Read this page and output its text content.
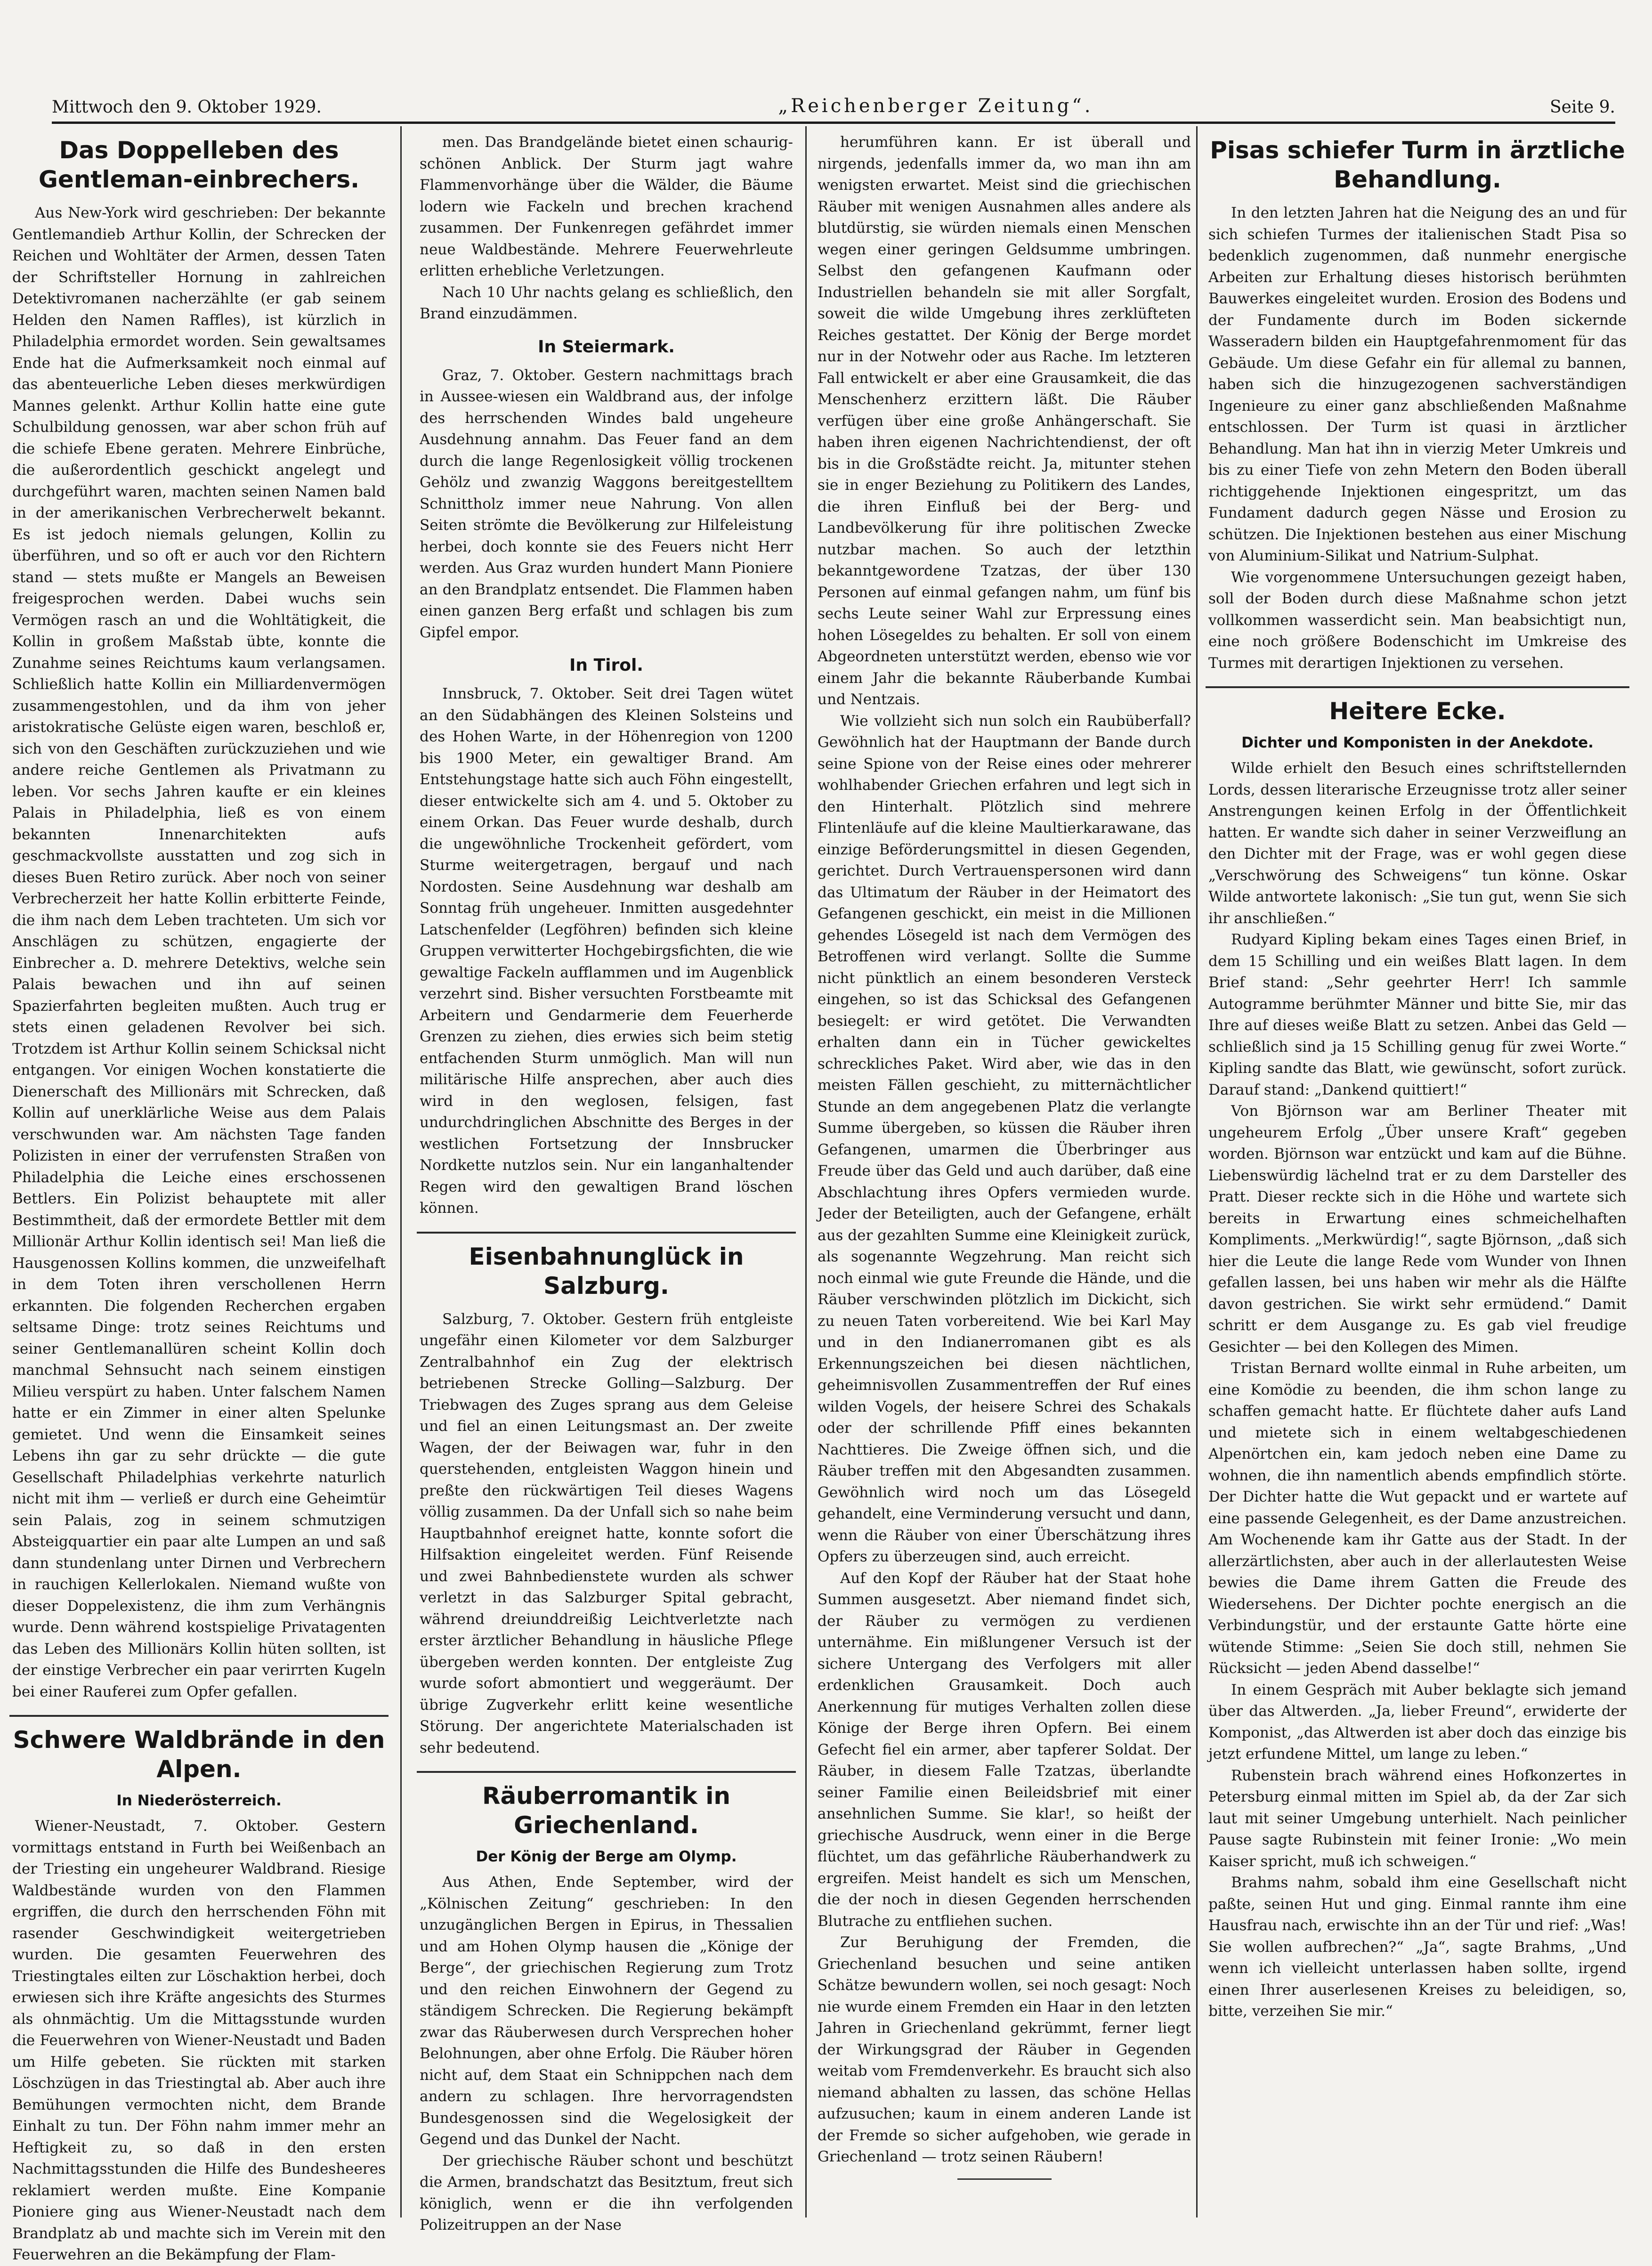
Mittwoch den 9. Oktober 1929.	„Reichenberger Zeitung“.	Seite 9.
Das Doppelleben des Gentleman-einbrechers.

Aus New-York wird geschrieben: Der bekannte Gentlemandieb Arthur Kollin, der Schrecken der Reichen und Wohltäter der Armen, dessen Taten der Schriftsteller Hornung in zahlreichen Detektivromanen nacherzählte (er gab seinem Helden den Namen Raffles), ist kürzlich in Philadelphia ermordet worden. Sein gewaltsames Ende hat die Aufmerksamkeit noch einmal auf das abenteuerliche Leben dieses merkwürdigen Mannes gelenkt. Arthur Kollin hatte eine gute Schulbildung genossen, war aber schon früh auf die schiefe Ebene geraten. Mehrere Einbrüche, die außerordentlich geschickt angelegt und durchgeführt waren, machten seinen Namen bald in der amerikanischen Verbrecherwelt bekannt. Es ist jedoch niemals gelungen, Kollin zu überführen, und so oft er auch vor den Richtern stand — stets mußte er Mangels an Beweisen freigesprochen werden. Dabei wuchs sein Vermögen rasch an und die Wohltätigkeit, die Kollin in großem Maßstab übte, konnte die Zunahme seines Reichtums kaum verlangsamen. Schließlich hatte Kollin ein Milliardenvermögen zusammengestohlen, und da ihm von jeher aristokratische Gelüste eigen waren, beschloß er, sich von den Geschäften zurückzuziehen und wie andere reiche Gentlemen als Privatmann zu leben. Vor sechs Jahren kaufte er ein kleines Palais in Philadelphia, ließ es von einem bekannten Innenarchitekten aufs geschmackvollste ausstatten und zog sich in dieses Buen Retiro zurück. Aber noch von seiner Verbrecherzeit her hatte Kollin erbitterte Feinde, die ihm nach dem Leben trachteten. Um sich vor Anschlägen zu schützen, engagierte der Einbrecher a. D. mehrere Detektivs, welche sein Palais bewachen und ihn auf seinen Spazierfahrten begleiten mußten. Auch trug er stets einen geladenen Revolver bei sich. Trotzdem ist Arthur Kollin seinem Schicksal nicht entgangen. Vor einigen Wochen konstatierte die Dienerschaft des Millionärs mit Schrecken, daß Kollin auf unerklärliche Weise aus dem Palais verschwunden war. Am nächsten Tage fanden Polizisten in einer der verrufensten Straßen von Philadelphia die Leiche eines erschossenen Bettlers. Ein Polizist behauptete mit aller Bestimmtheit, daß der ermordete Bettler mit dem Millionär Arthur Kollin identisch sei! Man ließ die Hausgenossen Kollins kommen, die unzweifelhaft in dem Toten ihren verschollenen Herrn erkannten. Die folgenden Recherchen ergaben seltsame Dinge: trotz seines Reichtums und seiner Gentlemanallüren scheint Kollin doch manchmal Sehnsucht nach seinem einstigen Milieu verspürt zu haben. Unter falschem Namen hatte er ein Zimmer in einer alten Spelunke gemietet. Und wenn die Einsamkeit seines Lebens ihn gar zu sehr drückte — die gute Gesellschaft Philadelphias verkehrte naturlich nicht mit ihm — verließ er durch eine Geheimtür sein Palais, zog in seinem schmutzigen Absteigquartier ein paar alte Lumpen an und saß dann stundenlang unter Dirnen und Verbrechern in rauchigen Kellerlokalen. Niemand wußte von dieser Doppelexistenz, die ihm zum Verhängnis wurde. Denn während kostspielige Privatagenten das Leben des Millionärs Kollin hüten sollten, ist der einstige Verbrecher ein paar verirrten Kugeln bei einer Rauferei zum Opfer gefallen.

Schwere Waldbrände in den Alpen.
In Niederösterreich.

Wiener-Neustadt, 7. Oktober. Gestern vormittags entstand in Furth bei Weißenbach an der Triesting ein ungeheurer Waldbrand. Riesige Waldbestände wurden von den Flammen ergriffen, die durch den herrschenden Föhn mit rasender Geschwindigkeit weitergetrieben wurden. Die gesamten Feuerwehren des Triestingtales eilten zur Löschaktion herbei, doch erwiesen sich ihre Kräfte angesichts des Sturmes als ohnmächtig. Um die Mittagsstunde wurden die Feuerwehren von Wiener-Neustadt und Baden um Hilfe gebeten. Sie rückten mit starken Löschzügen in das Triestingtal ab. Aber auch ihre Bemühungen vermochten nicht, dem Brande Einhalt zu tun. Der Föhn nahm immer mehr an Heftigkeit zu, so daß in den ersten Nachmittagsstunden die Hilfe des Bundesheeres reklamiert werden mußte. Eine Kompanie Pioniere ging aus Wiener-Neustadt nach dem Brandplatz ab und machte sich im Verein mit den Feuerwehren an die Bekämpfung der Flam-

men. Das Brandgelände bietet einen schaurig-schönen Anblick. Der Sturm jagt wahre Flammenvorhänge über die Wälder, die Bäume lodern wie Fackeln und brechen krachend zusammen. Der Funkenregen gefährdet immer neue Waldbestände. Mehrere Feuerwehrleute erlitten erhebliche Verletzungen.

Nach 10 Uhr nachts gelang es schließlich, den Brand einzudämmen.

In Steiermark.

Graz, 7. Oktober. Gestern nachmittags brach in Aussee-wiesen ein Waldbrand aus, der infolge des herrschenden Windes bald ungeheure Ausdehnung annahm. Das Feuer fand an dem durch die lange Regenlosigkeit völlig trockenen Gehölz und zwanzig Waggons bereitgestelltem Schnittholz immer neue Nahrung. Von allen Seiten strömte die Bevölkerung zur Hilfeleistung herbei, doch konnte sie des Feuers nicht Herr werden. Aus Graz wurden hundert Mann Pioniere an den Brandplatz entsendet. Die Flammen haben einen ganzen Berg erfaßt und schlagen bis zum Gipfel empor.

In Tirol.

Innsbruck, 7. Oktober. Seit drei Tagen wütet an den Südabhängen des Kleinen Solsteins und des Hohen Warte, in der Höhenregion von 1200 bis 1900 Meter, ein gewaltiger Brand. Am Entstehungstage hatte sich auch Föhn eingestellt, dieser entwickelte sich am 4. und 5. Oktober zu einem Orkan. Das Feuer wurde deshalb, durch die ungewöhnliche Trockenheit gefördert, vom Sturme weitergetragen, bergauf und nach Nordosten. Seine Ausdehnung war deshalb am Sonntag früh ungeheuer. Inmitten ausgedehnter Latschenfelder (Legföhren) befinden sich kleine Gruppen verwitterter Hochgebirgsfichten, die wie gewaltige Fackeln aufflammen und im Augenblick verzehrt sind. Bisher versuchten Forstbeamte mit Arbeitern und Gendarmerie dem Feuerherde Grenzen zu ziehen, dies erwies sich beim stetig entfachenden Sturm unmöglich. Man will nun militärische Hilfe ansprechen, aber auch dies wird in den weglosen, felsigen, fast undurchdringlichen Abschnitte des Berges in der westlichen Fortsetzung der Innsbrucker Nordkette nutzlos sein. Nur ein langanhaltender Regen wird den gewaltigen Brand löschen können.

Eisenbahnunglück in Salzburg.

Salzburg, 7. Oktober. Gestern früh entgleiste ungefähr einen Kilometer vor dem Salzburger Zentralbahnhof ein Zug der elektrisch betriebenen Strecke Golling—Salzburg. Der Triebwagen des Zuges sprang aus dem Geleise und fiel an einen Leitungsmast an. Der zweite Wagen, der der Beiwagen war, fuhr in den querstehenden, entgleisten Waggon hinein und preßte den rückwärtigen Teil dieses Wagens völlig zusammen. Da der Unfall sich so nahe beim Hauptbahnhof ereignet hatte, konnte sofort die Hilfsaktion eingeleitet werden. Fünf Reisende und zwei Bahnbedienstete wurden als schwer verletzt in das Salzburger Spital gebracht, während dreiunddreißig Leichtverletzte nach erster ärztlicher Behandlung in häusliche Pflege übergeben werden konnten. Der entgleiste Zug wurde sofort abmontiert und weggeräumt. Der übrige Zugverkehr erlitt keine wesentliche Störung. Der angerichtete Materialschaden ist sehr bedeutend.

Räuberromantik in Griechenland.
Der König der Berge am Olymp.

Aus Athen, Ende September, wird der „Kölnischen Zeitung“ geschrieben: In den unzugänglichen Bergen in Epirus, in Thessalien und am Hohen Olymp hausen die „Könige der Berge“, der griechischen Regierung zum Trotz und den reichen Einwohnern der Gegend zu ständigem Schrecken. Die Regierung bekämpft zwar das Räuberwesen durch Versprechen hoher Belohnungen, aber ohne Erfolg. Die Räuber hören nicht auf, dem Staat ein Schnippchen nach dem andern zu schlagen. Ihre hervorragendsten Bundesgenossen sind die Wegelosigkeit der Gegend und das Dunkel der Nacht.

Der griechische Räuber schont und beschützt die Armen, brandschatzt das Besitztum, freut sich königlich, wenn er die ihn verfolgenden Polizeitruppen an der Nase

herumführen kann. Er ist überall und nirgends, jedenfalls immer da, wo man ihn am wenigsten erwartet. Meist sind die griechischen Räuber mit wenigen Ausnahmen alles andere als blutdürstig, sie würden niemals einen Menschen wegen einer geringen Geldsumme umbringen. Selbst den gefangenen Kaufmann oder Industriellen behandeln sie mit aller Sorgfalt, soweit die wilde Umgebung ihres zerklüfteten Reiches gestattet. Der König der Berge mordet nur in der Notwehr oder aus Rache. Im letzteren Fall entwickelt er aber eine Grausamkeit, die das Menschenherz erzittern läßt. Die Räuber verfügen über eine große Anhängerschaft. Sie haben ihren eigenen Nachrichtendienst, der oft bis in die Großstädte reicht. Ja, mitunter stehen sie in enger Beziehung zu Politikern des Landes, die ihren Einfluß bei der Berg- und Landbevölkerung für ihre politischen Zwecke nutzbar machen. So auch der letzthin bekanntgewordene Tzatzas, der über 130 Personen auf einmal gefangen nahm, um fünf bis sechs Leute seiner Wahl zur Erpressung eines hohen Lösegeldes zu behalten. Er soll von einem Abgeordneten unterstützt werden, ebenso wie vor einem Jahr die bekannte Räuberbande Kumbai und Nentzais.

Wie vollzieht sich nun solch ein Raubüberfall? Gewöhnlich hat der Hauptmann der Bande durch seine Spione von der Reise eines oder mehrerer wohlhabender Griechen erfahren und legt sich in den Hinterhalt. Plötzlich sind mehrere Flintenläufe auf die kleine Maultierkarawane, das einzige Beförderungsmittel in diesen Gegenden, gerichtet. Durch Vertrauenspersonen wird dann das Ultimatum der Räuber in der Heimatort des Gefangenen geschickt, ein meist in die Millionen gehendes Lösegeld ist nach dem Vermögen des Betroffenen wird verlangt. Sollte die Summe nicht pünktlich an einem besonderen Versteck eingehen, so ist das Schicksal des Gefangenen besiegelt: er wird getötet. Die Verwandten erhalten dann ein in Tücher gewickeltes schreckliches Paket. Wird aber, wie das in den meisten Fällen geschieht, zu mitternächtlicher Stunde an dem angegebenen Platz die verlangte Summe übergeben, so küssen die Räuber ihren Gefangenen, umarmen die Überbringer aus Freude über das Geld und auch darüber, daß eine Abschlachtung ihres Opfers vermieden wurde. Jeder der Beteiligten, auch der Gefangene, erhält aus der gezahlten Summe eine Kleinigkeit zurück, als sogenannte Wegzehrung. Man reicht sich noch einmal wie gute Freunde die Hände, und die Räuber verschwinden plötzlich im Dickicht, sich zu neuen Taten vorbereitend. Wie bei Karl May und in den Indianerromanen gibt es als Erkennungszeichen bei diesen nächtlichen, geheimnisvollen Zusammentreffen der Ruf eines wilden Vogels, der heisere Schrei des Schakals oder der schrillende Pfiff eines bekannten Nachttieres. Die Zweige öffnen sich, und die Räuber treffen mit den Abgesandten zusammen. Gewöhnlich wird noch um das Lösegeld gehandelt, eine Verminderung versucht und dann, wenn die Räuber von einer Überschätzung ihres Opfers zu überzeugen sind, auch erreicht.

Auf den Kopf der Räuber hat der Staat hohe Summen ausgesetzt. Aber niemand findet sich, der Räuber zu vermögen zu verdienen unternähme. Ein mißlungener Versuch ist der sichere Untergang des Verfolgers mit aller erdenklichen Grausamkeit. Doch auch Anerkennung für mutiges Verhalten zollen diese Könige der Berge ihren Opfern. Bei einem Gefecht fiel ein armer, aber tapferer Soldat. Der Räuber, in diesem Falle Tzatzas, überlandte seiner Familie einen Beileidsbrief mit einer ansehnlichen Summe. Sie klar!, so heißt der griechische Ausdruck, wenn einer in die Berge flüchtet, um das gefährliche Räuberhandwerk zu ergreifen. Meist handelt es sich um Menschen, die der noch in diesen Gegenden herrschenden Blutrache zu entfliehen suchen.

Zur Beruhigung der Fremden, die Griechenland besuchen und seine antiken Schätze bewundern wollen, sei noch gesagt: Noch nie wurde einem Fremden ein Haar in den letzten Jahren in Griechenland gekrümmt, ferner liegt der Wirkungsgrad der Räuber in Gegenden weitab vom Fremdenverkehr. Es braucht sich also niemand abhalten zu lassen, das schöne Hellas aufzusuchen; kaum in einem anderen Lande ist der Fremde so sicher aufgehoben, wie gerade in Griechenland — trotz seinen Räubern!

Pisas schiefer Turm in ärztliche Behandlung.

In den letzten Jahren hat die Neigung des an und für sich schiefen Turmes der italienischen Stadt Pisa so bedenklich zugenommen, daß nunmehr energische Arbeiten zur Erhaltung dieses historisch berühmten Bauwerkes eingeleitet wurden. Erosion des Bodens und der Fundamente durch im Boden sickernde Wasseradern bilden ein Hauptgefahrenmoment für das Gebäude. Um diese Gefahr ein für allemal zu bannen, haben sich die hinzugezogenen sachverständigen Ingenieure zu einer ganz abschließenden Maßnahme entschlossen. Der Turm ist quasi in ärztlicher Behandlung. Man hat ihn in vierzig Meter Umkreis und bis zu einer Tiefe von zehn Metern den Boden überall richtiggehende Injektionen eingespritzt, um das Fundament dadurch gegen Nässe und Erosion zu schützen. Die Injektionen bestehen aus einer Mischung von Aluminium-Silikat und Natrium-Sulphat.

Wie vorgenommene Untersuchungen gezeigt haben, soll der Boden durch diese Maßnahme schon jetzt vollkommen wasserdicht sein. Man beabsichtigt nun, eine noch größere Bodenschicht im Umkreise des Turmes mit derartigen Injektionen zu versehen.

Heitere Ecke.
Dichter und Komponisten in der Anekdote.

Wilde erhielt den Besuch eines schriftstellernden Lords, dessen literarische Erzeugnisse trotz aller seiner Anstrengungen keinen Erfolg in der Öffentlichkeit hatten. Er wandte sich daher in seiner Verzweiflung an den Dichter mit der Frage, was er wohl gegen diese „Verschwörung des Schweigens“ tun könne. Oskar Wilde antwortete lakonisch: „Sie tun gut, wenn Sie sich ihr anschließen.“

Rudyard Kipling bekam eines Tages einen Brief, in dem 15 Schilling und ein weißes Blatt lagen. In dem Brief stand: „Sehr geehrter Herr! Ich sammle Autogramme berühmter Männer und bitte Sie, mir das Ihre auf dieses weiße Blatt zu setzen. Anbei das Geld — schließlich sind ja 15 Schilling genug für zwei Worte.“ Kipling sandte das Blatt, wie gewünscht, sofort zurück. Darauf stand: „Dankend quittiert!“

Von Björnson war am Berliner Theater mit ungeheurem Erfolg „Über unsere Kraft“ gegeben worden. Björnson war entzückt und kam auf die Bühne. Liebenswürdig lächelnd trat er zu dem Darsteller des Pratt. Dieser reckte sich in die Höhe und wartete sich bereits in Erwartung eines schmeichelhaften Kompliments. „Merkwürdig!“, sagte Björnson, „daß sich hier die Leute die lange Rede vom Wunder von Ihnen gefallen lassen, bei uns haben wir mehr als die Hälfte davon gestrichen. Sie wirkt sehr ermüdend.“ Damit schritt er dem Ausgange zu. Es gab viel freudige Gesichter — bei den Kollegen des Mimen.

Tristan Bernard wollte einmal in Ruhe arbeiten, um eine Komödie zu beenden, die ihm schon lange zu schaffen gemacht hatte. Er flüchtete daher aufs Land und mietete sich in einem weltabgeschiedenen Alpenörtchen ein, kam jedoch neben eine Dame zu wohnen, die ihn namentlich abends empfindlich störte. Der Dichter hatte die Wut gepackt und er wartete auf eine passende Gelegenheit, es der Dame anzustreichen. Am Wochenende kam ihr Gatte aus der Stadt. In der allerzärtlichsten, aber auch in der allerlautesten Weise bewies die Dame ihrem Gatten die Freude des Wiedersehens. Der Dichter pochte energisch an die Verbindungstür, und der erstaunte Gatte hörte eine wütende Stimme: „Seien Sie doch still, nehmen Sie Rücksicht — jeden Abend dasselbe!“

In einem Gespräch mit Auber beklagte sich jemand über das Altwerden. „Ja, lieber Freund“, erwiderte der Komponist, „das Altwerden ist aber doch das einzige bis jetzt erfundene Mittel, um lange zu leben.“

Rubenstein brach während eines Hofkonzertes in Petersburg einmal mitten im Spiel ab, da der Zar sich laut mit seiner Umgebung unterhielt. Nach peinlicher Pause sagte Rubinstein mit feiner Ironie: „Wo mein Kaiser spricht, muß ich schweigen.“

Brahms nahm, sobald ihm eine Gesellschaft nicht paßte, seinen Hut und ging. Einmal rannte ihm eine Hausfrau nach, erwischte ihn an der Tür und rief: „Was! Sie wollen aufbrechen?“ „Ja“, sagte Brahms, „Und wenn ich vielleicht unterlassen haben sollte, irgend einen Ihrer auserlesenen Kreises zu beleidigen, so, bitte, verzeihen Sie mir.“
